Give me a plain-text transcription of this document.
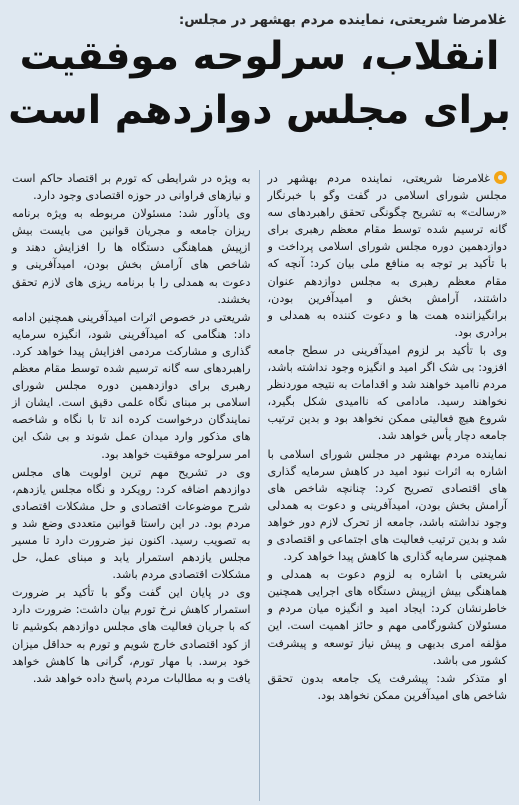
غلامرضا شریعتی، نماینده مردم بهشهر در مجلس:
انقلاب، سرلوحه موفقیت
برای مجلس دوازدهم است

غلامرضا شریعتی، نماینده مردم بهشهر در مجلس شورای اسلامی در گفت وگو با خبرنگار «رسالت» به تشریح چگونگی تحقق راهبردهای سه گانه ترسیم شده توسط مقام معظم رهبری برای دوازدهمین دوره مجلس شورای اسلامی پرداخت و با تأکید بر توجه به منافع ملی بیان کرد: آنچه که مقام معظم رهبری به مجلس دوازدهم عنوان داشتند، آرامش بخش و امیدآفرین بودن، برانگیزاننده همت ها و دعوت کننده به همدلی و برادری بود.

وی با تأکید بر لزوم امیدآفرینی در سطح جامعه افزود: بی شک اگر امید و انگیزه وجود نداشته باشد، مردم ناامید خواهند شد و اقدامات به نتیجه موردنظر نخواهند رسید. مادامی که ناامیدی شکل بگیرد، شروع هیچ فعالیتی ممکن نخواهد بود و بدین ترتیب جامعه دچار یأس خواهد شد.

نماینده مردم بهشهر در مجلس شورای اسلامی با اشاره به اثرات نبود امید در کاهش سرمایه گذاری های اقتصادی تصریح کرد: چنانچه شاخص های آرامش بخش بودن، امیدآفرینی و دعوت به همدلی وجود نداشته باشد، جامعه از تحرک لازم دور خواهد شد و بدین ترتیب فعالیت های اجتماعی و اقتصادی و همچنین سرمایه گذاری ها کاهش پیدا خواهد کرد.

شریعتی با اشاره به لزوم دعوت به همدلی و هماهنگی بیش ازپیش دستگاه های اجرایی همچنین خاطرنشان کرد: ایجاد امید و انگیزه میان مردم و مسئولان کشورگامی مهم و حائز اهمیت است. این مؤلفه امری بدیهی و پیش نیاز توسعه و پیشرفت کشور می باشد.

او متذکر شد: پیشرفت یک جامعه بدون تحقق شاخص های امیدآفرین ممکن نخواهد بود.

به ویژه در شرایطی که تورم بر اقتصاد حاکم است و نیازهای فراوانی در حوزه اقتصادی وجود دارد.

وی یادآور شد: مسئولان مربوطه به ویژه برنامه ریزان جامعه و مجریان قوانین می بایست بیش ازپیش هماهنگی دستگاه ها را افزایش دهند و شاخص های آرامش بخش بودن، امیدآفرینی و دعوت به همدلی را با برنامه ریزی های لازم تحقق بخشند.

شریعتی در خصوص اثرات امیدآفرینی همچنین ادامه داد: هنگامی که امیدآفرینی شود، انگیزه سرمایه گذاری و مشارکت مردمی افزایش پیدا خواهد کرد. راهبردهای سه گانه ترسیم شده توسط مقام معظم رهبری برای دوازدهمین دوره مجلس شورای اسلامی بر مبنای نگاه علمی دقیق است. ایشان از نمایندگان درخواست کرده اند تا با نگاه و شاخصه های مذکور وارد میدان عمل شوند و بی شک این امر سرلوحه موفقیت خواهد بود.

وی در تشریح مهم ترین اولویت های مجلس دوازدهم اضافه کرد: رویکرد و نگاه مجلس یازدهم، شرح موضوعات اقتصادی و حل مشکلات اقتصادی مردم بود. در این راستا قوانین متعددی وضع شد و به تصویب رسید. اکنون نیز ضرورت دارد تا مسیر مجلس یازدهم استمرار یابد و مبنای عمل، حل مشکلات اقتصادی مردم باشد.

وی در پایان این گفت وگو با تأکید بر ضرورت استمرار کاهش نرخ تورم بیان داشت: ضرورت دارد که با جریان فعالیت های مجلس دوازدهم بکوشیم تا از کود اقتصادی خارج شویم و تورم به حداقل میزان خود برسد. با مهار تورم، گرانی ها کاهش خواهد یافت و به مطالبات مردم پاسخ داده خواهد شد.
